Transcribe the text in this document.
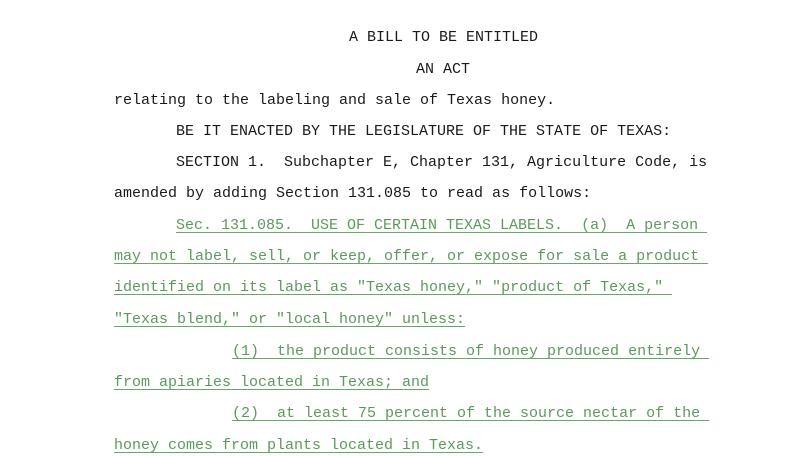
A BILL TO BE ENTITLED
AN ACT
relating to the labeling and sale of Texas honey.
BE IT ENACTED BY THE LEGISLATURE OF THE STATE OF TEXAS:
SECTION 1.  Subchapter E, Chapter 131, Agriculture Code, is
amended by adding Section 131.085 to read as follows:
Sec. 131.085.  USE OF CERTAIN TEXAS LABELS.  (a)  A person
may not label, sell, or keep, offer, or expose for sale a product
identified on its label as "Texas honey," "product of Texas,"
"Texas blend," or "local honey" unless:
(1)  the product consists of honey produced entirely
from apiaries located in Texas; and
(2)  at least 75 percent of the source nectar of the
honey comes from plants located in Texas.
